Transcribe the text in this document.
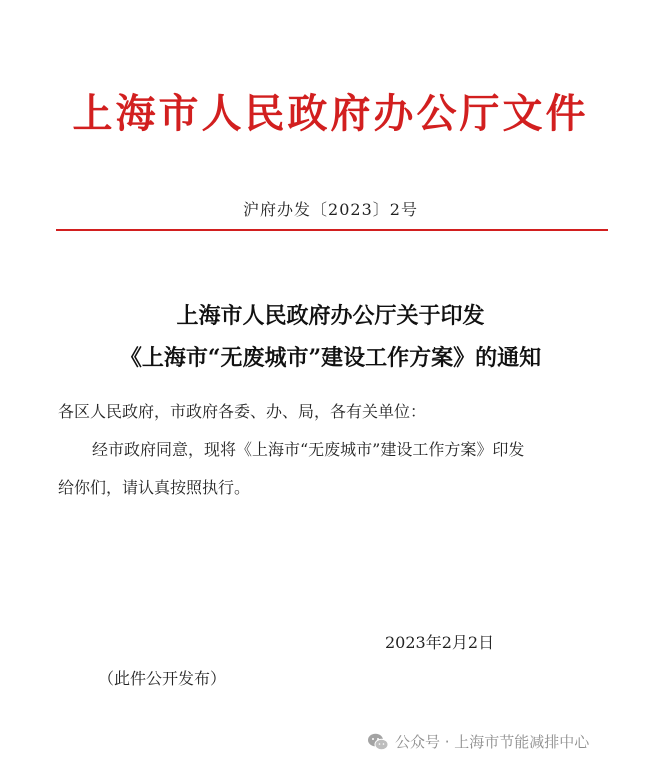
上海市人民政府办公厅文件
沪府办发〔2023〕2号
上海市人民政府办公厅关于印发
《上海市“无废城市”建设工作方案》的通知
各区人民政府，市政府各委、办、局，各有关单位：
经市政府同意，现将《上海市“无废城市”建设工作方案》印发
给你们，请认真按照执行。
2023年2月2日
（此件公开发布）
公众号 · 上海市节能减排中心
